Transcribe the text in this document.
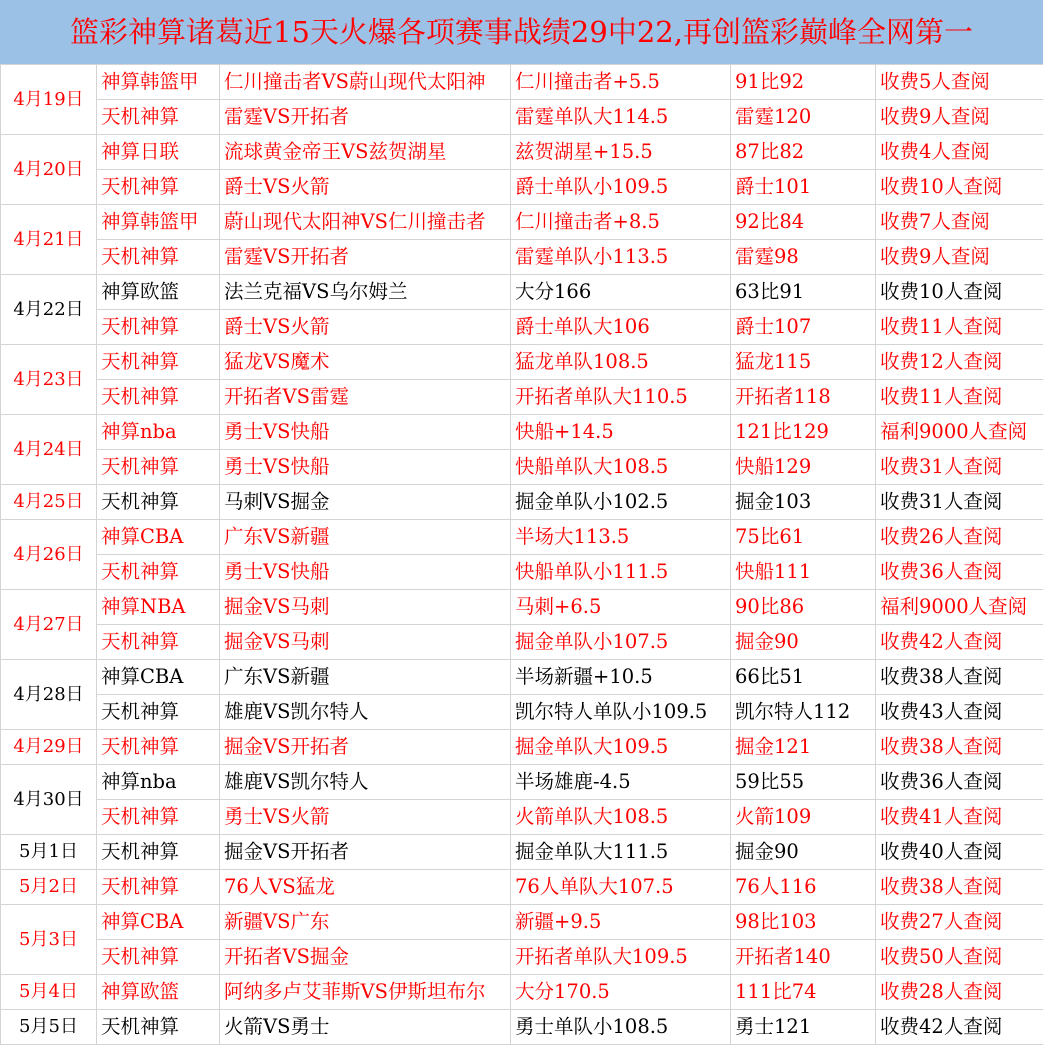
篮彩神算诸葛近15天火爆各项赛事战绩29中22,再创篮彩巅峰全网第一
4月19日	神算韩篮甲	仁川撞击者VS蔚山现代太阳神	仁川撞击者+5.5	91比92	收费5人查阅
	天机神算	雷霆VS开拓者	雷霆单队大114.5	雷霆120	收费9人查阅
4月20日	神算日联	流球黄金帝王VS兹贺湖星	兹贺湖星+15.5	87比82	收费4人查阅
	天机神算	爵士VS火箭	爵士单队小109.5	爵士101	收费10人查阅
4月21日	神算韩篮甲	蔚山现代太阳神VS仁川撞击者	仁川撞击者+8.5	92比84	收费7人查阅
	天机神算	雷霆VS开拓者	雷霆单队小113.5	雷霆98	收费9人查阅
4月22日	神算欧篮	法兰克福VS乌尔姆兰	大分166	63比91	收费10人查阅
	天机神算	爵士VS火箭	爵士单队大106	爵士107	收费11人查阅
4月23日	天机神算	猛龙VS魔术	猛龙单队108.5	猛龙115	收费12人查阅
	天机神算	开拓者VS雷霆	开拓者单队大110.5	开拓者118	收费11人查阅
4月24日	神算nba	勇士VS快船	快船+14.5	121比129	福利9000人查阅
	天机神算	勇士VS快船	快船单队大108.5	快船129	收费31人查阅
4月25日	天机神算	马刺VS掘金	掘金单队小102.5	掘金103	收费31人查阅
4月26日	神算CBA	广东VS新疆	半场大113.5	75比61	收费26人查阅
	天机神算	勇士VS快船	快船单队小111.5	快船111	收费36人查阅
4月27日	神算NBA	掘金VS马刺	马刺+6.5	90比86	福利9000人查阅
	天机神算	掘金VS马刺	掘金单队小107.5	掘金90	收费42人查阅
4月28日	神算CBA	广东VS新疆	半场新疆+10.5	66比51	收费38人查阅
	天机神算	雄鹿VS凯尔特人	凯尔特人单队小109.5	凯尔特人112	收费43人查阅
4月29日	天机神算	掘金VS开拓者	掘金单队大109.5	掘金121	收费38人查阅
4月30日	神算nba	雄鹿VS凯尔特人	半场雄鹿-4.5	59比55	收费36人查阅
	天机神算	勇士VS火箭	火箭单队大108.5	火箭109	收费41人查阅
5月1日	天机神算	掘金VS开拓者	掘金单队大111.5	掘金90	收费40人查阅
5月2日	天机神算	76人VS猛龙	76人单队大107.5	76人116	收费38人查阅
5月3日	神算CBA	新疆VS广东	新疆+9.5	98比103	收费27人查阅
	天机神算	开拓者VS掘金	开拓者单队大109.5	开拓者140	收费50人查阅
5月4日	神算欧篮	阿纳多卢艾菲斯VS伊斯坦布尔	大分170.5	111比74	收费28人查阅
5月5日	天机神算	火箭VS勇士	勇士单队小108.5	勇士121	收费42人查阅
